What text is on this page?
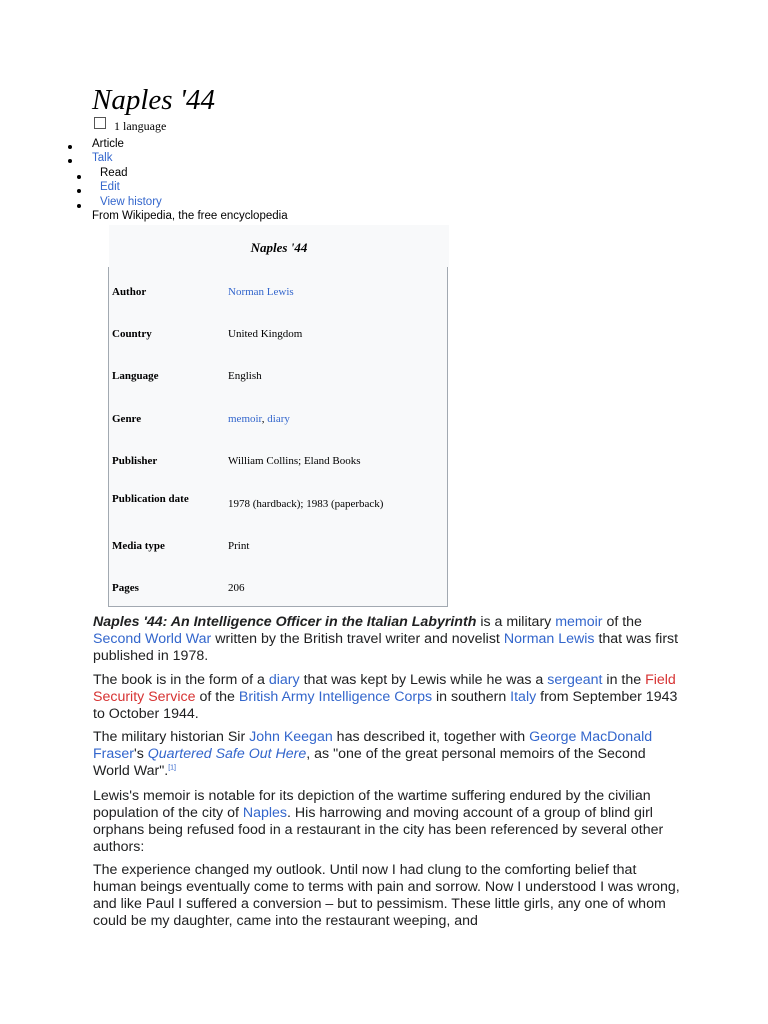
Naples '44
1 language
Article
Talk
Read
Edit
View history
From Wikipedia, the free encyclopedia
Naples '44
Author	Norman Lewis
Country	United Kingdom
Language	English
Genre	memoir, diary
Publisher	William Collins; Eland Books
Publication date	1978 (hardback); 1983 (paperback)
Media type	Print
Pages	206

Naples '44: An Intelligence Officer in the Italian Labyrinth is a military memoir of the Second World War written by the British travel writer and novelist Norman Lewis that was first published in 1978.

The book is in the form of a diary that was kept by Lewis while he was a sergeant in the Field Security Service of the British Army Intelligence Corps in southern Italy from September 1943 to October 1944.

The military historian Sir John Keegan has described it, together with George MacDonald Fraser's Quartered Safe Out Here, as "one of the great personal memoirs of the Second World War".[1]

Lewis's memoir is notable for its depiction of the wartime suffering endured by the civilian population of the city of Naples. His harrowing and moving account of a group of blind girl orphans being refused food in a restaurant in the city has been referenced by several other authors:

The experience changed my outlook. Until now I had clung to the comforting belief that human beings eventually come to terms with pain and sorrow. Now I understood I was wrong, and like Paul I suffered a conversion – but to pessimism. These little girls, any one of whom could be my daughter, came into the restaurant weeping, and
